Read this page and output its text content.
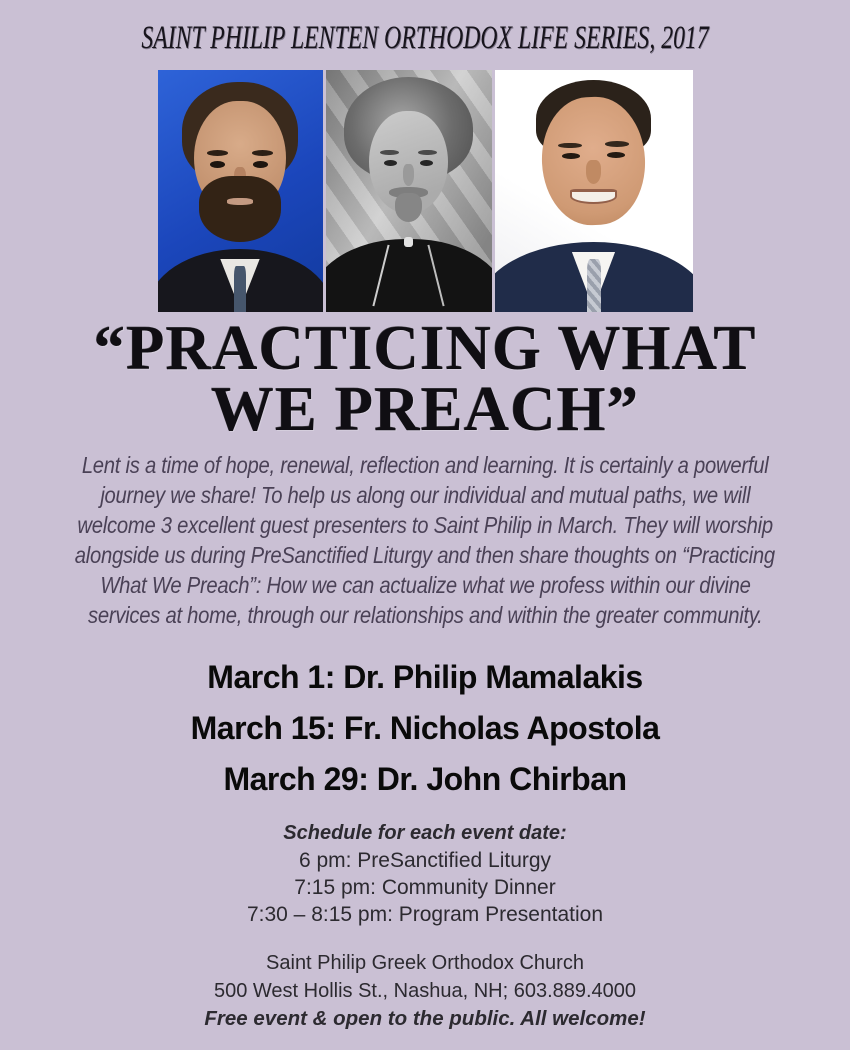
SAINT PHILIP LENTEN ORTHODOX LIFE SERIES, 2017
“PRACTICING WHAT
WE PREACH”
Lent is a time of hope, renewal, reflection and learning. It is certainly a powerful
journey we share! To help us along our individual and mutual paths, we will
welcome 3 excellent guest presenters to Saint Philip in March. They will worship
alongside us during PreSanctified Liturgy and then share thoughts on “Practicing
What We Preach”: How we can actualize what we profess within our divine
services at home, through our relationships and within the greater community.
March 1: Dr. Philip Mamalakis
March 15: Fr. Nicholas Apostola
March 29: Dr. John Chirban
Schedule for each event date:
6 pm: PreSanctified Liturgy
7:15 pm: Community Dinner
7:30 – 8:15 pm: Program Presentation
Saint Philip Greek Orthodox Church
500 West Hollis St., Nashua, NH; 603.889.4000
Free event & open to the public. All welcome!
